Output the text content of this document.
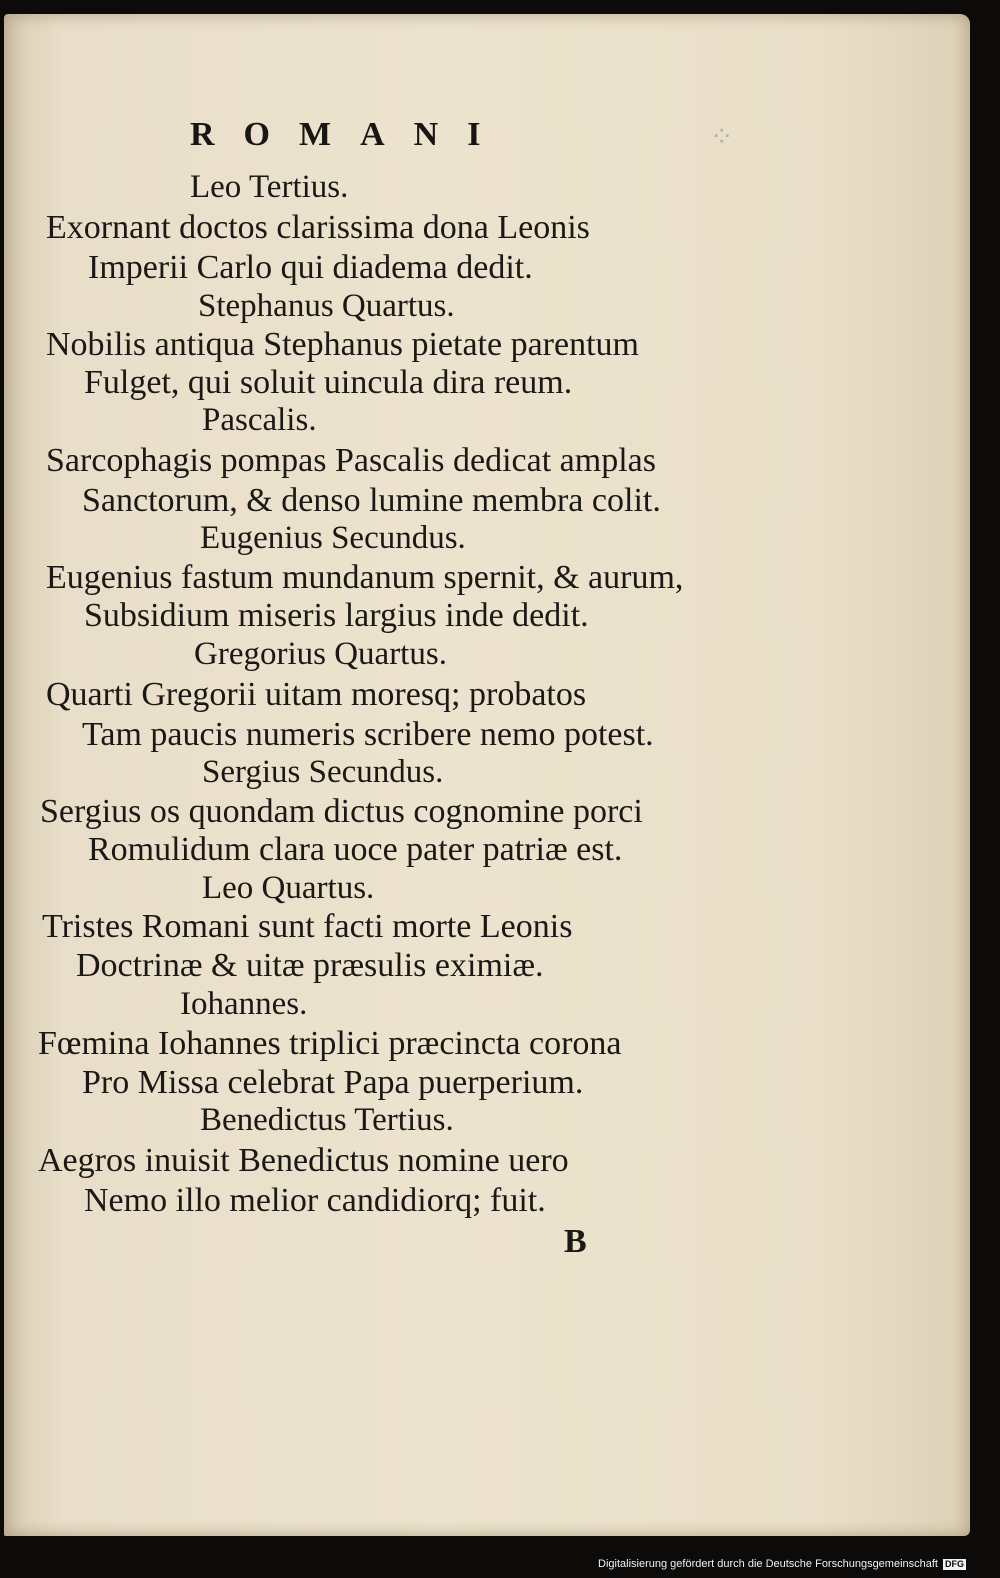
ROMANI	⁘

Leo Tertius.

Exornant doctos clarissima dona Leonis

Imperii Carlo qui diadema dedit.

Stephanus Quartus.

Nobilis antiqua Stephanus pietate parentum

Fulget, qui soluit uincula dira reum.

Pascalis.

Sarcophagis pompas Pascalis dedicat amplas

Sanctorum, & denso lumine membra colit.

Eugenius Secundus.

Eugenius fastum mundanum spernit, & aurum,

Subsidium miseris largius inde dedit.

Gregorius Quartus.

Quarti Gregorii uitam moresq; probatos

Tam paucis numeris scribere nemo potest.

Sergius Secundus.

Sergius os quondam dictus cognomine porci

Romulidum clara uoce pater patriæ est.

Leo Quartus.

Tristes Romani sunt facti morte Leonis

Doctrinæ & uitæ præsulis eximiæ.

Iohannes.

Fœmina Iohannes triplici præcincta corona

Pro Missa celebrat Papa puerperium.

Benedictus Tertius.

Aegros inuisit Benedictus nomine uero

Nemo illo melior candidiorq; fuit.

B

Digitalisierung gefördert durch die Deutsche Forschungsgemeinschaft DFG
